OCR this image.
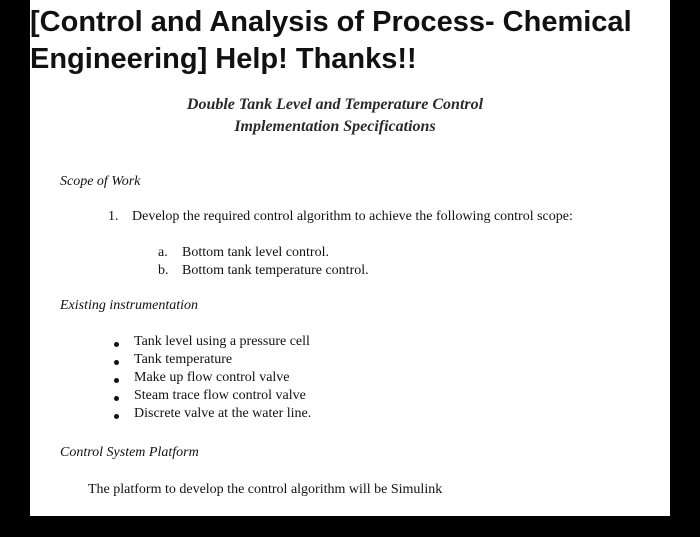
[Control and Analysis of Process- Chemical Engineering] Help! Thanks!!
Double Tank Level and Temperature Control
Implementation Specifications
Scope of Work
1. Develop the required control algorithm to achieve the following control scope:
a. Bottom tank level control.
b. Bottom tank temperature control.
Existing instrumentation
Tank level using a pressure cell
Tank temperature
Make up flow control valve
Steam trace flow control valve
Discrete valve at the water line.
Control System Platform
The platform to develop the control algorithm will be Simulink
